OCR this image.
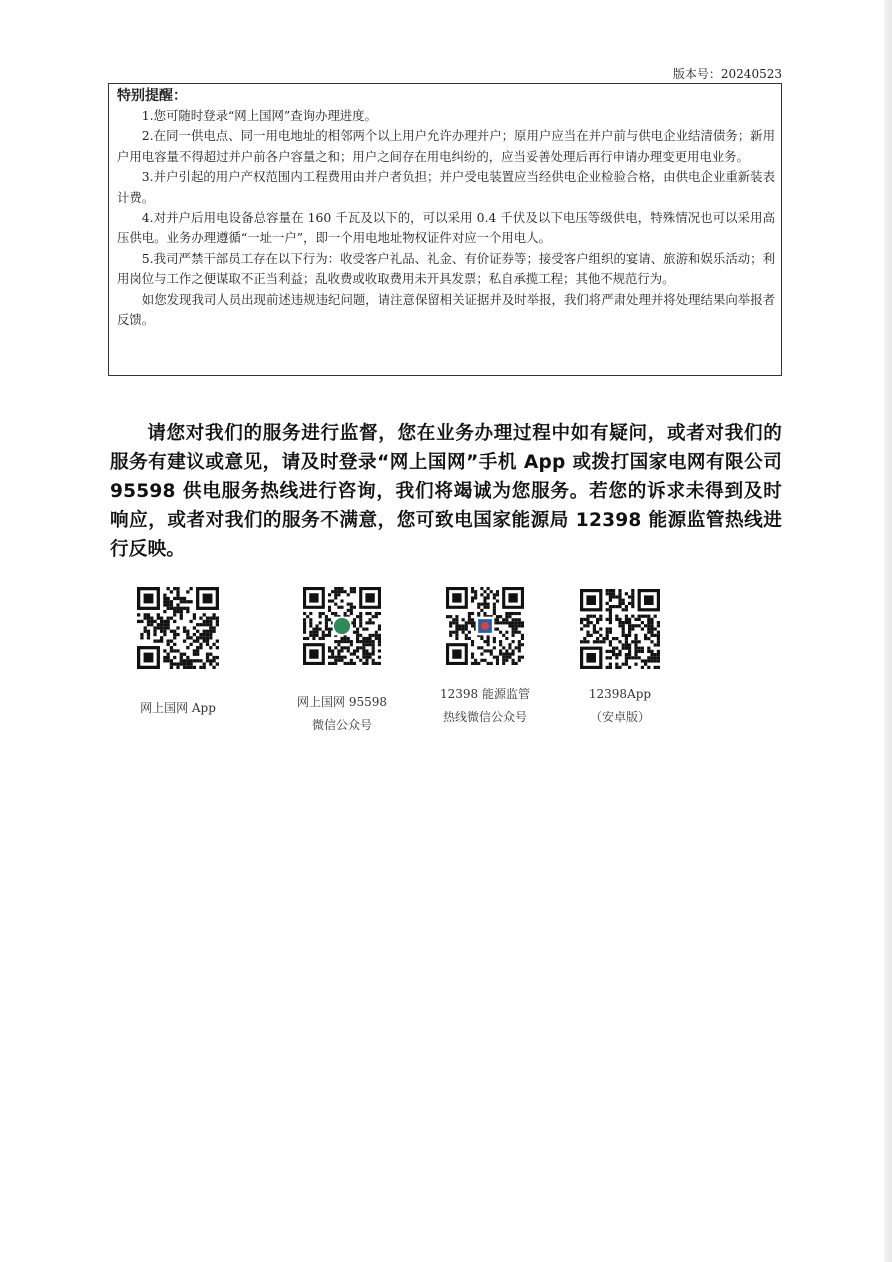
版本号：20240523
特别提醒：

1.您可随时登录“网上国网”查询办理进度。

2.在同一供电点、同一用电地址的相邻两个以上用户允许办理并户；原用户应当在并户前与供电企业结清债务；新用户用电容量不得超过并户前各户容量之和；用户之间存在用电纠纷的，应当妥善处理后再行申请办理变更用电业务。

3.并户引起的用户产权范围内工程费用由并户者负担；并户受电装置应当经供电企业检验合格，由供电企业重新装表计费。

4.对并户后用电设备总容量在 160 千瓦及以下的，可以采用 0.4 千伏及以下电压等级供电，特殊情况也可以采用高压供电。业务办理遵循“一址一户”，即一个用电地址物权证件对应一个用电人。

5.我司严禁干部员工存在以下行为：收受客户礼品、礼金、有价证券等；接受客户组织的宴请、旅游和娱乐活动；利用岗位与工作之便谋取不正当利益；乱收费或收取费用未开具发票；私自承揽工程；其他不规范行为。

如您发现我司人员出现前述违规违纪问题，请注意保留相关证据并及时举报，我们将严肃处理并将处理结果向举报者反馈。

请您对我们的服务进行监督，您在业务办理过程中如有疑问，或者对我们的服务有建议或意见，请及时登录“网上国网”手机 App 或拨打国家电网有限公司 95598 供电服务热线进行咨询，我们将竭诚为您服务。若您的诉求未得到及时响应，或者对我们的服务不满意，您可致电国家能源局 12398 能源监管热线进行反映。

网上国网 App	网上国网 95598
微信公众号
12398 能源监管
热线微信公众号
12398App
（安卓版）
